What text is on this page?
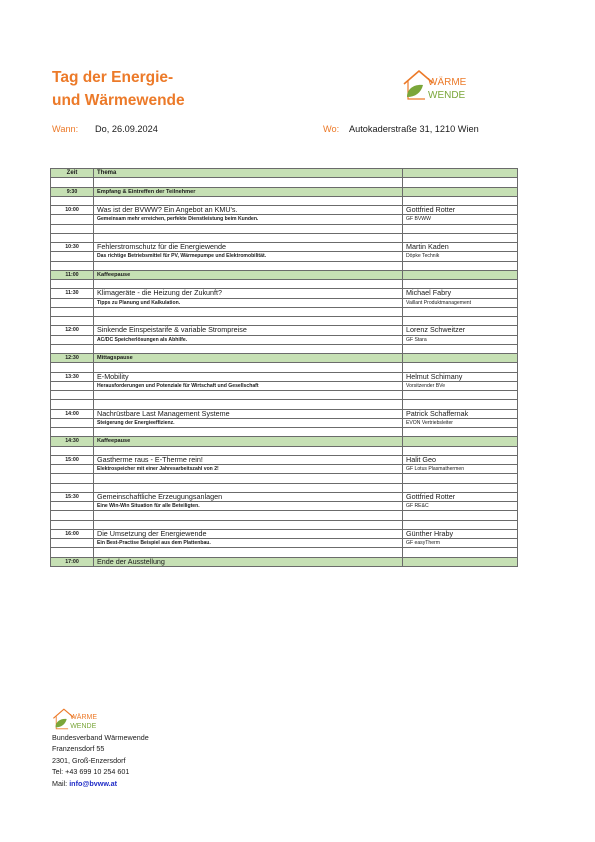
Tag der Energie-
und Wärmewende
WÄRME
WENDE
Wann: Do, 26.09.2024	Wo: Autokaderstraße 31, 1210 Wien
Zeit	Thema	

9:30	Empfang & Eintreffen der Teilnehmer	

10:00	Was ist der BVWW? Ein Angebot an KMU's.	Gottfried Rotter
	Gemeinsam mehr erreichen, perfekte Dienstleistung beim Kunden.	GF BVWW

10:30	Fehlerstromschutz für die Energiewende	Martin Kaden
	Das richtige Betriebsmittel für PV, Wärmepumpe und Elektromobilität.	Döpke Technik

11:00	Kaffeepause	

11:30	Klimageräte - die Heizung der Zukunft?	Michael Fabry
	Tipps zu Planung und Kalkulation.	Vaillant Produktmanagement

12:00	Sinkende Einspeistarife & variable Strompreise	Lorenz Schweitzer
	AC/DC Speicherlösungen als Abhilfe.	GF Stara

12:30	Mittagspause	

13:30	E-Mobility	Helmut Schimany
	Herausforderungen und Potenziale für Wirtschaft und Gesellschaft	Vorsitzender BVe

14:00	Nachrüstbare Last Management Systeme	Patrick Schaffernak
	Steigerung der Energieeffizienz.	EVON Vertriebsleiter

14:30	Kaffeepause	

15:00	Gastherme raus - E-Therme rein!	Halit Geo
	Elektrospeicher mit einer Jahresarbeitszahl von 2!	GF Lotus Plasmathermen

15:30	Gemeinschaftliche Erzeugungsanlagen	Gottfried Rotter
	Eine Win-Win Situation für alle Beteiligten.	GF RE&C

16:00	Die Umsetzung der Energiewende	Günther Hraby
	Ein Best-Practise Beispiel aus dem Plattenbau.	GF easyTherm

17:00	Ende der Ausstellung	
WÄRME
WENDE
Bundesverband Wärmewende
Franzensdorf 55
2301, Groß-Enzersdorf
Tel: +43 699 10 254 601
Mail: info@bvww.at
